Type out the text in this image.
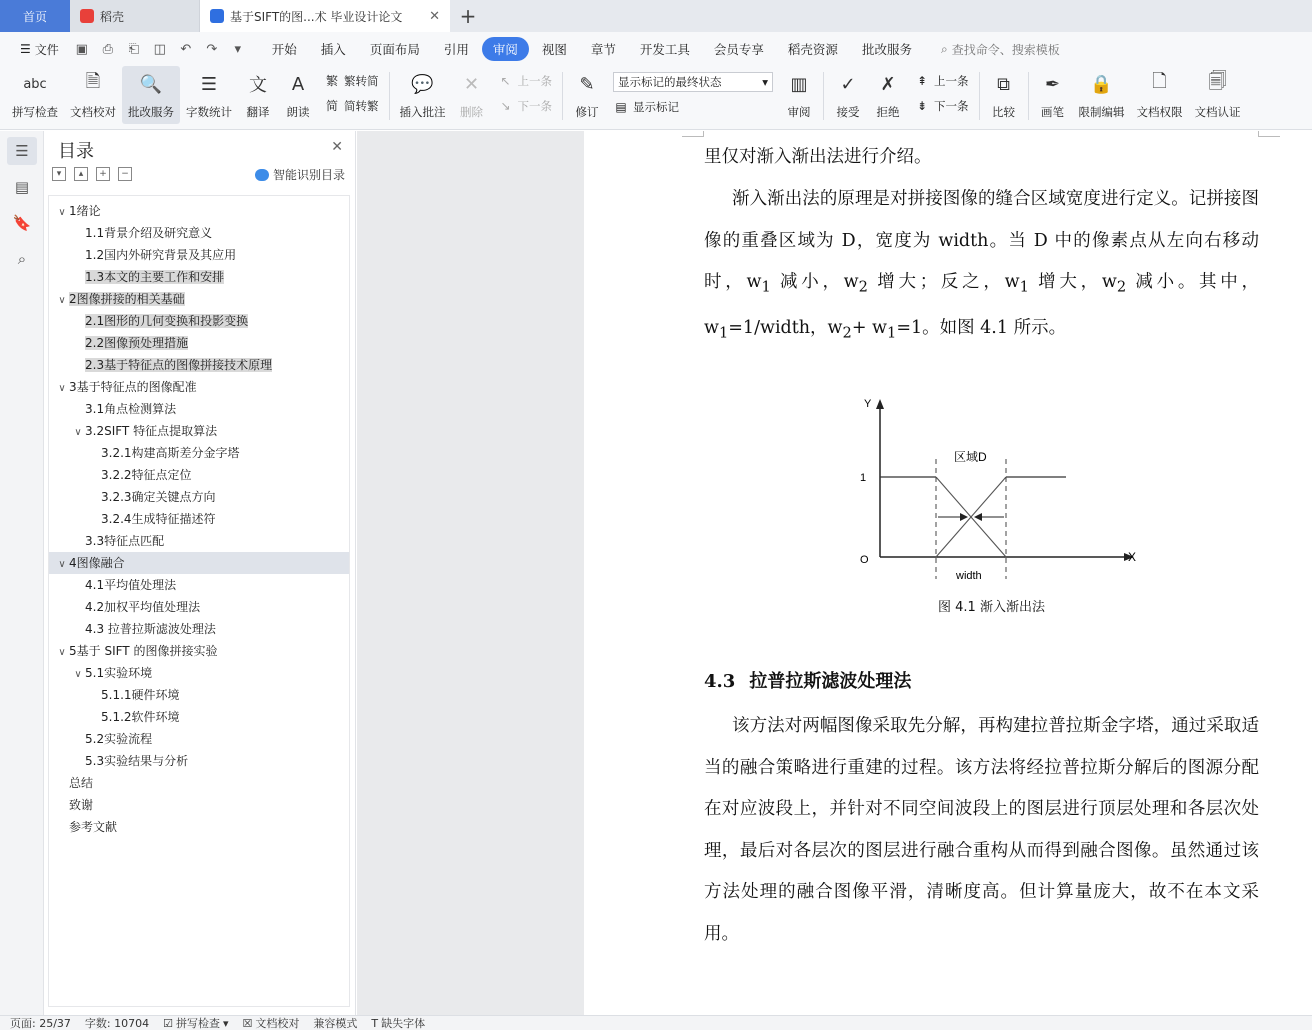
首页	稻壳	基于SIFT的图...术 毕业设计论文 ✕ +
☰ 文件	▣	⎙	⎗	◫	↶	↷	▾	开始	插入	页面布局	引用	审阅	视图	章节	开发工具	会员专享	稻壳资源	批改服务	⌕ 查找命令、搜索模板
abc
拼写检查
🗎
文档校对
🔍
批改服务
☰
字数统计
文
翻译
A
朗读
繁 繁转简
简 简转繁
💬
插入批注
✕
删除
↖ 上一条
↘ 下一条
✎
修订
显示标记的最终状态	▾
▤ 显示标记
▥
审阅
✓
接受
✗
拒绝
⇞ 上一条
⇟ 下一条
⧉
比较
✒
画笔
🔒
限制编辑
🗋
文档权限
🗐
文档认证
☰
▤
🔖
⌕
目录	✕
▾	▴	+	−	智能识别目录
∨ 1绪论
1.1背景介绍及研究意义
1.2国内外研究背景及其应用
1.3本文的主要工作和安排
∨ 2图像拼接的相关基础
2.1图形的几何变换和投影变换
2.2图像预处理措施
2.3基于特征点的图像拼接技术原理
∨ 3基于特征点的图像配准
3.1角点检测算法
∨ 3.2SIFT 特征点提取算法
3.2.1构建高斯差分金字塔
3.2.2特征点定位
3.2.3确定关键点方向
3.2.4生成特征描述符
3.3特征点匹配
∨ 4图像融合
4.1平均值处理法
4.2加权平均值处理法
4.3 拉普拉斯滤波处理法
∨ 5基于 SIFT 的图像拼接实验
∨ 5.1实验环境
5.1.1硬件环境
5.1.2软件环境
5.2实验流程
5.3实验结果与分析
总结
致谢
参考文献
里仅对渐入渐出法进行介绍。
渐入渐出法的原理是对拼接图像的缝合区域宽度进行定义。记拼接图像的重叠区域为 D，宽度为 width。当 D 中的像素点从左向右移动时，$w_1$ 减小，$w_2$ 增大；反之，$w_1$ 增大，$w_2$ 减小。其中，$w_1=1$/width，$w_2+ w_1=1$。如图 4.1 所示。
Y
X
1
O
区域D
width
图 4.1 渐入渐出法
4.3 拉普拉斯滤波处理法
该方法对两幅图像采取先分解，再构建拉普拉斯金字塔，通过采取适当的融合策略进行重建的过程。该方法将经拉普拉斯分解后的图源分配在对应波段上，并针对不同空间波段上的图层进行顶层处理和各层次处理，最后对各层次的图层进行融合重构从而得到融合图像。虽然通过该方法处理的融合图像平滑，清晰度高。但计算量庞大，故不在本文采用。
页面: 25/37 字数: 10704 ☑ 拼写检查 ▾ ☒ 文档校对 兼容模式 T 缺失字体
